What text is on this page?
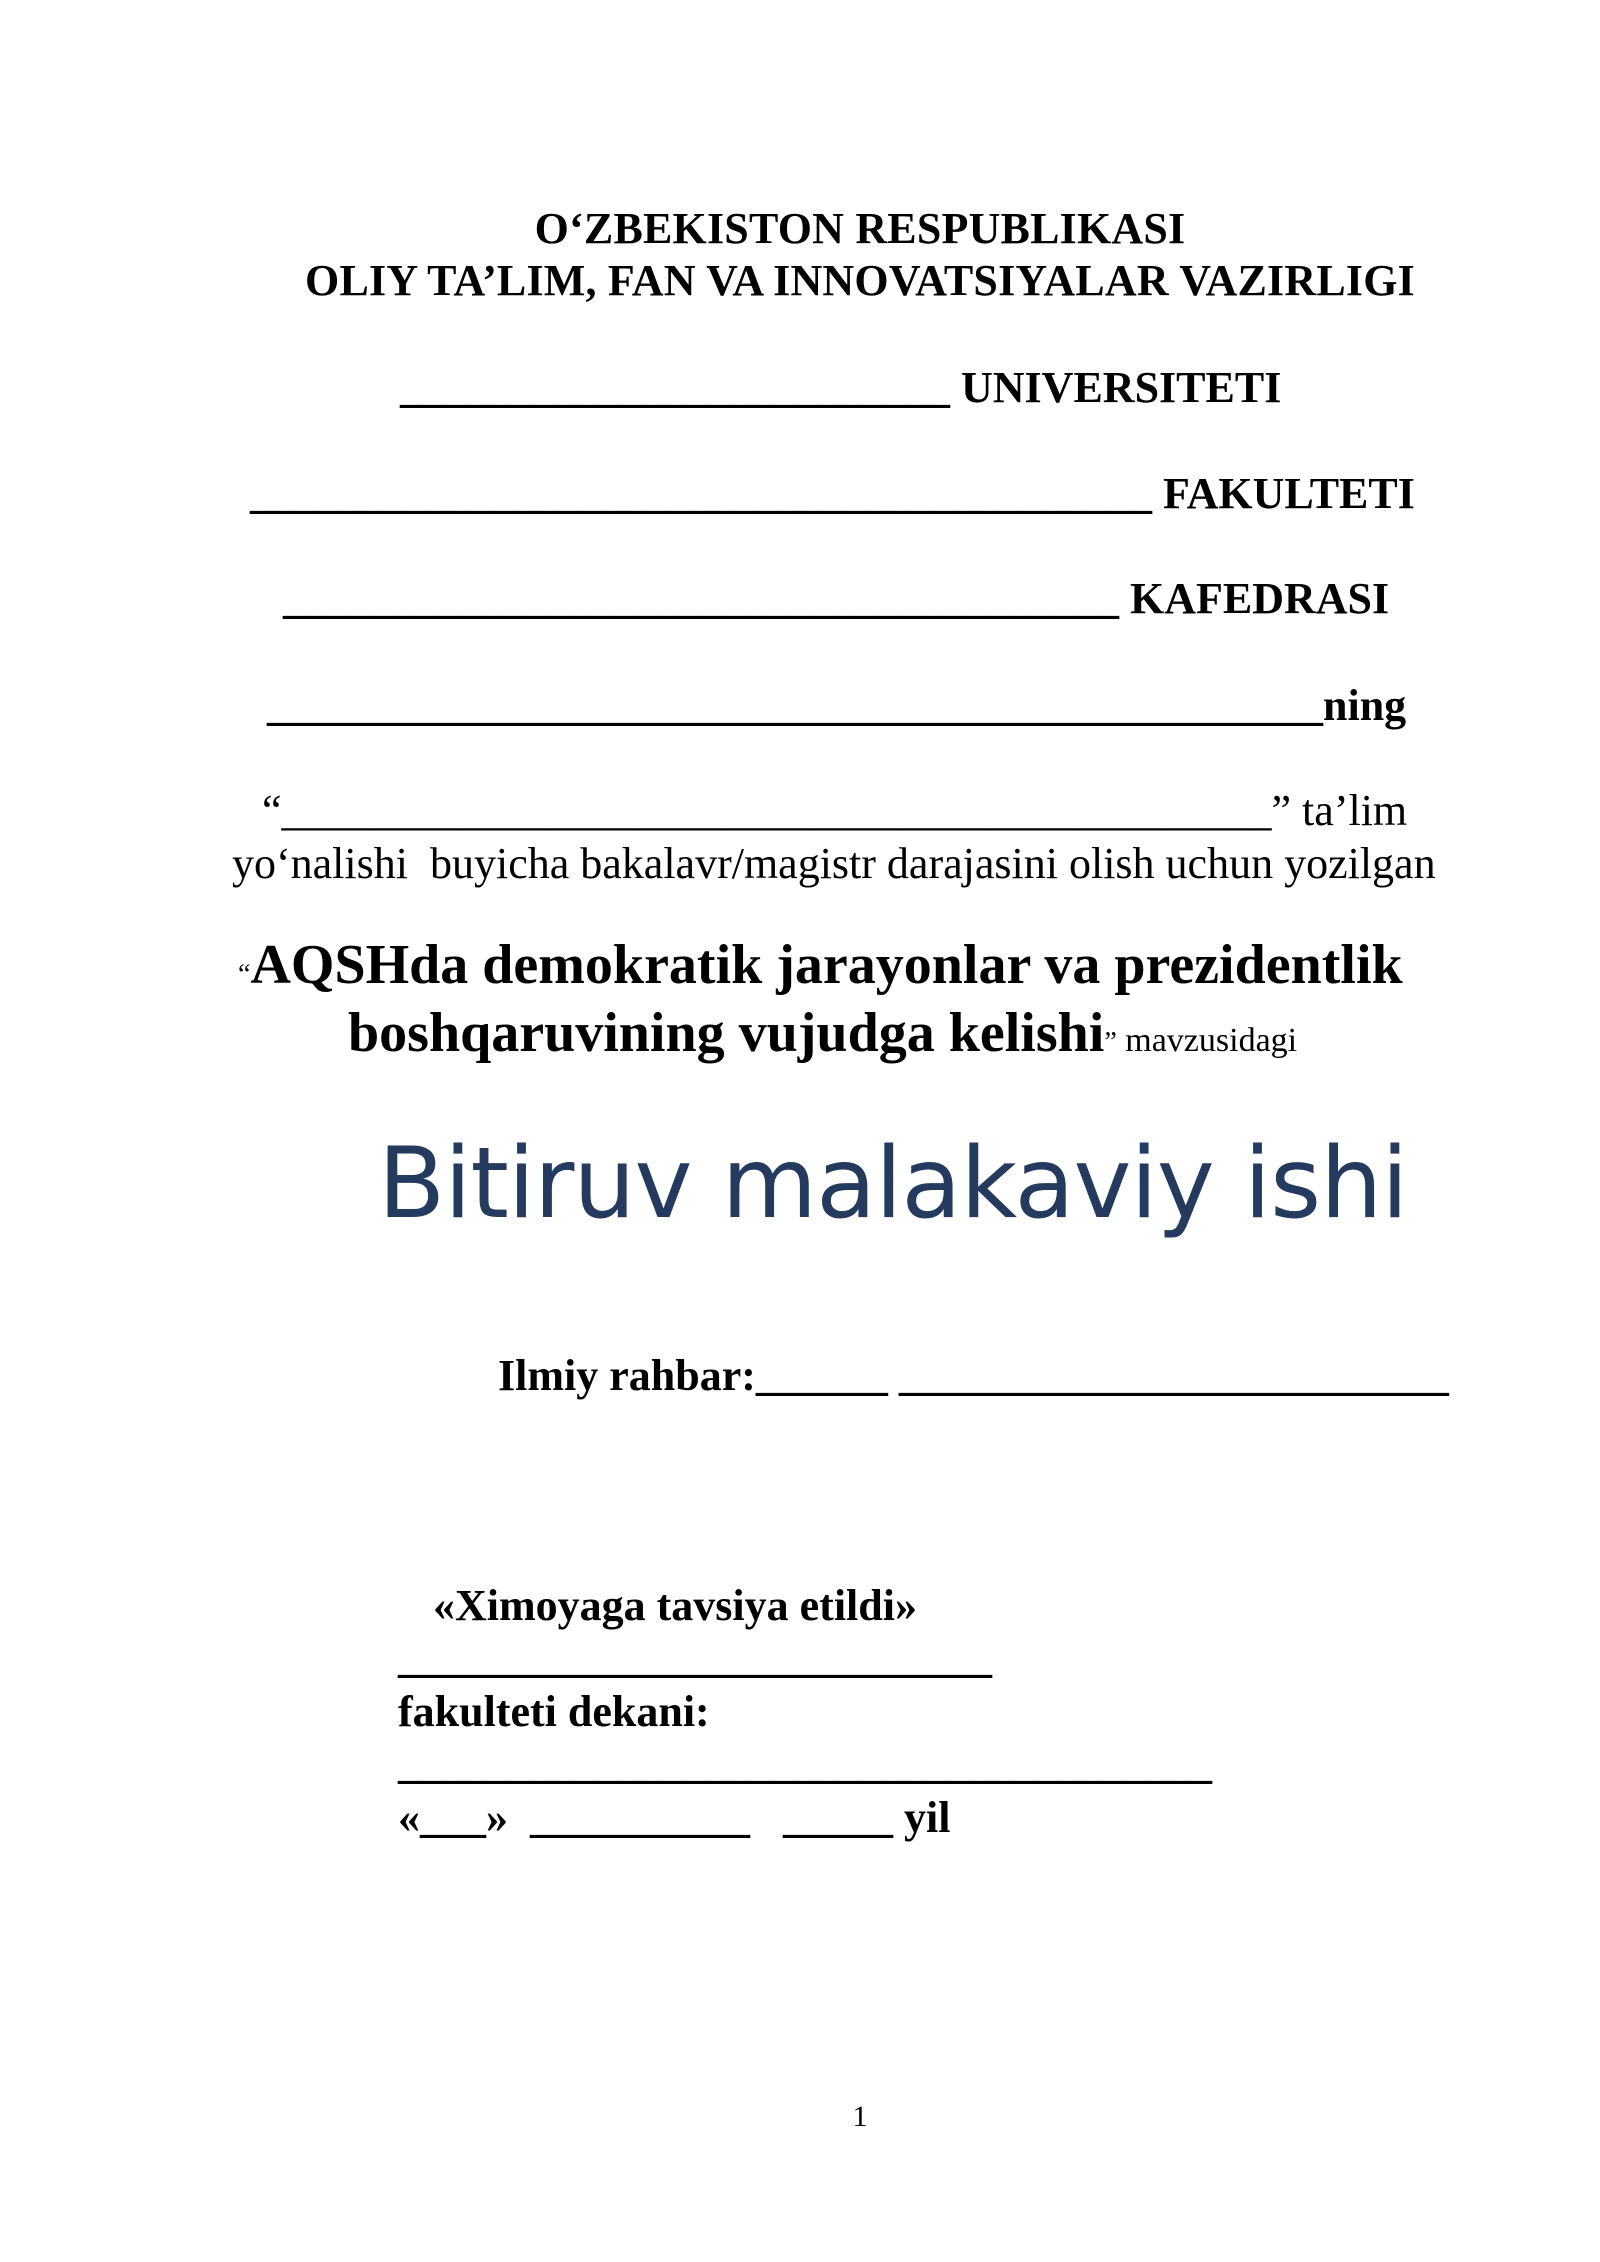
O‘ZBEKISTON RESPUBLIKASI
OLIY TA’LIM, FAN VA INNOVATSIYALAR VAZIRLIGI
_________________________ UNIVERSITETI
_________________________________________ FAKULTETI
______________________________________ KAFEDRASI
________________________________________________ning
“_____________________________________________” ta’lim
yo‘nalishi  buyicha bakalavr/magistr darajasini olish uchun yozilgan
“AQSHda demokratik jarayonlar va prezidentlik
boshqaruvining vujudga kelishi” mavzusidagi
Bitiruv malakaviy ishi
Ilmiy rahbar:______ _________________________
«Ximoyaga tavsiya etildi»
___________________________
fakulteti dekani:
_____________________________________
«___»  __________   _____ yil
1
